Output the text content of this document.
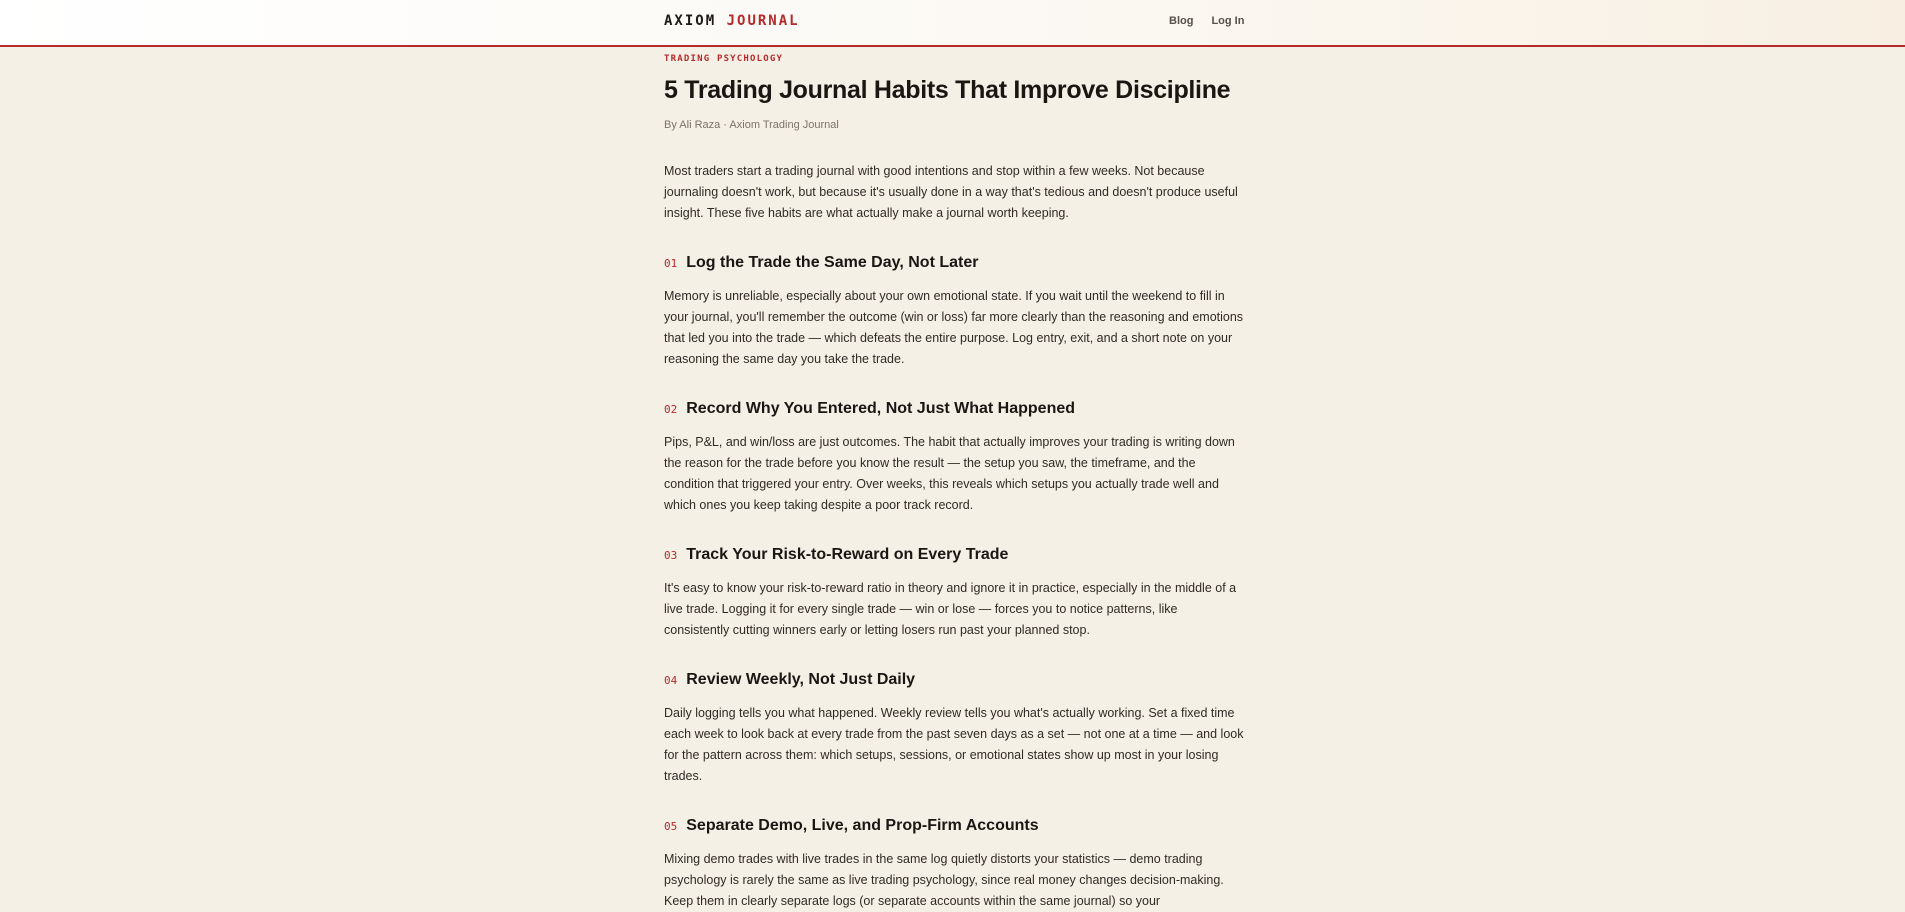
AXIOM JOURNAL	Blog Log In
TRADING PSYCHOLOGY
5 Trading Journal Habits That Improve Discipline
By Ali Raza · Axiom Trading Journal

Most traders start a trading journal with good intentions and stop within a few weeks. Not because journaling doesn't work, but because it's usually done in a way that's tedious and doesn't produce useful insight. These five habits are what actually make a journal worth keeping.

01 Log the Trade the Same Day, Not Later

Memory is unreliable, especially about your own emotional state. If you wait until the weekend to fill in your journal, you'll remember the outcome (win or loss) far more clearly than the reasoning and emotions that led you into the trade — which defeats the entire purpose. Log entry, exit, and a short note on your reasoning the same day you take the trade.

02 Record Why You Entered, Not Just What Happened

Pips, P&L, and win/loss are just outcomes. The habit that actually improves your trading is writing down the reason for the trade before you know the result — the setup you saw, the timeframe, and the condition that triggered your entry. Over weeks, this reveals which setups you actually trade well and which ones you keep taking despite a poor track record.

03 Track Your Risk-to-Reward on Every Trade

It's easy to know your risk-to-reward ratio in theory and ignore it in practice, especially in the middle of a live trade. Logging it for every single trade — win or lose — forces you to notice patterns, like consistently cutting winners early or letting losers run past your planned stop.

04 Review Weekly, Not Just Daily

Daily logging tells you what happened. Weekly review tells you what's actually working. Set a fixed time each week to look back at every trade from the past seven days as a set — not one at a time — and look for the pattern across them: which setups, sessions, or emotional states show up most in your losing trades.

05 Separate Demo, Live, and Prop-Firm Accounts

Mixing demo trades with live trades in the same log quietly distorts your statistics — demo trading psychology is rarely the same as live trading psychology, since real money changes decision-making. Keep them in clearly separate logs (or separate accounts within the same journal) so your
